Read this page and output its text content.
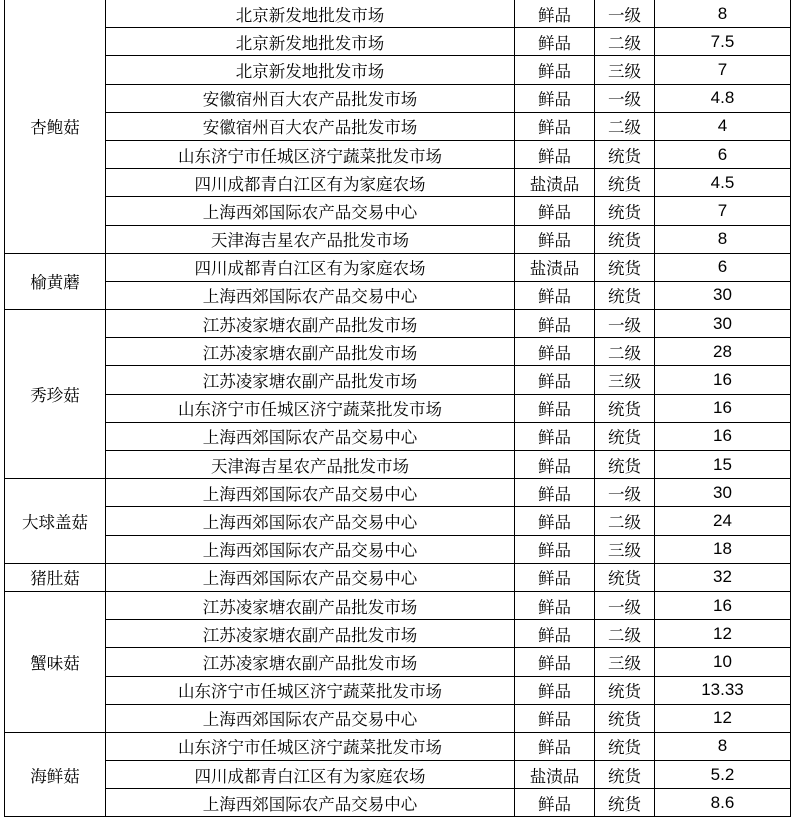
杏鲍菇	北京新发地批发市场	鲜品	一级	8
	北京新发地批发市场	鲜品	二级	7.5
	北京新发地批发市场	鲜品	三级	7
	安徽宿州百大农产品批发市场	鲜品	一级	4.8
	安徽宿州百大农产品批发市场	鲜品	二级	4
	山东济宁市任城区济宁蔬菜批发市场	鲜品	统货	6
	四川成都青白江区有为家庭农场	盐渍品	统货	4.5
	上海西郊国际农产品交易中心	鲜品	统货	7
	天津海吉星农产品批发市场	鲜品	统货	8
榆黄蘑	四川成都青白江区有为家庭农场	盐渍品	统货	6
	上海西郊国际农产品交易中心	鲜品	统货	30
秀珍菇	江苏凌家塘农副产品批发市场	鲜品	一级	30
	江苏凌家塘农副产品批发市场	鲜品	二级	28
	江苏凌家塘农副产品批发市场	鲜品	三级	16
	山东济宁市任城区济宁蔬菜批发市场	鲜品	统货	16
	上海西郊国际农产品交易中心	鲜品	统货	16
	天津海吉星农产品批发市场	鲜品	统货	15
大球盖菇	上海西郊国际农产品交易中心	鲜品	一级	30
	上海西郊国际农产品交易中心	鲜品	二级	24
	上海西郊国际农产品交易中心	鲜品	三级	18
猪肚菇	上海西郊国际农产品交易中心	鲜品	统货	32
蟹味菇	江苏凌家塘农副产品批发市场	鲜品	一级	16
	江苏凌家塘农副产品批发市场	鲜品	二级	12
	江苏凌家塘农副产品批发市场	鲜品	三级	10
	山东济宁市任城区济宁蔬菜批发市场	鲜品	统货	13.33
	上海西郊国际农产品交易中心	鲜品	统货	12
海鲜菇	山东济宁市任城区济宁蔬菜批发市场	鲜品	统货	8
	四川成都青白江区有为家庭农场	盐渍品	统货	5.2
	上海西郊国际农产品交易中心	鲜品	统货	8.6
